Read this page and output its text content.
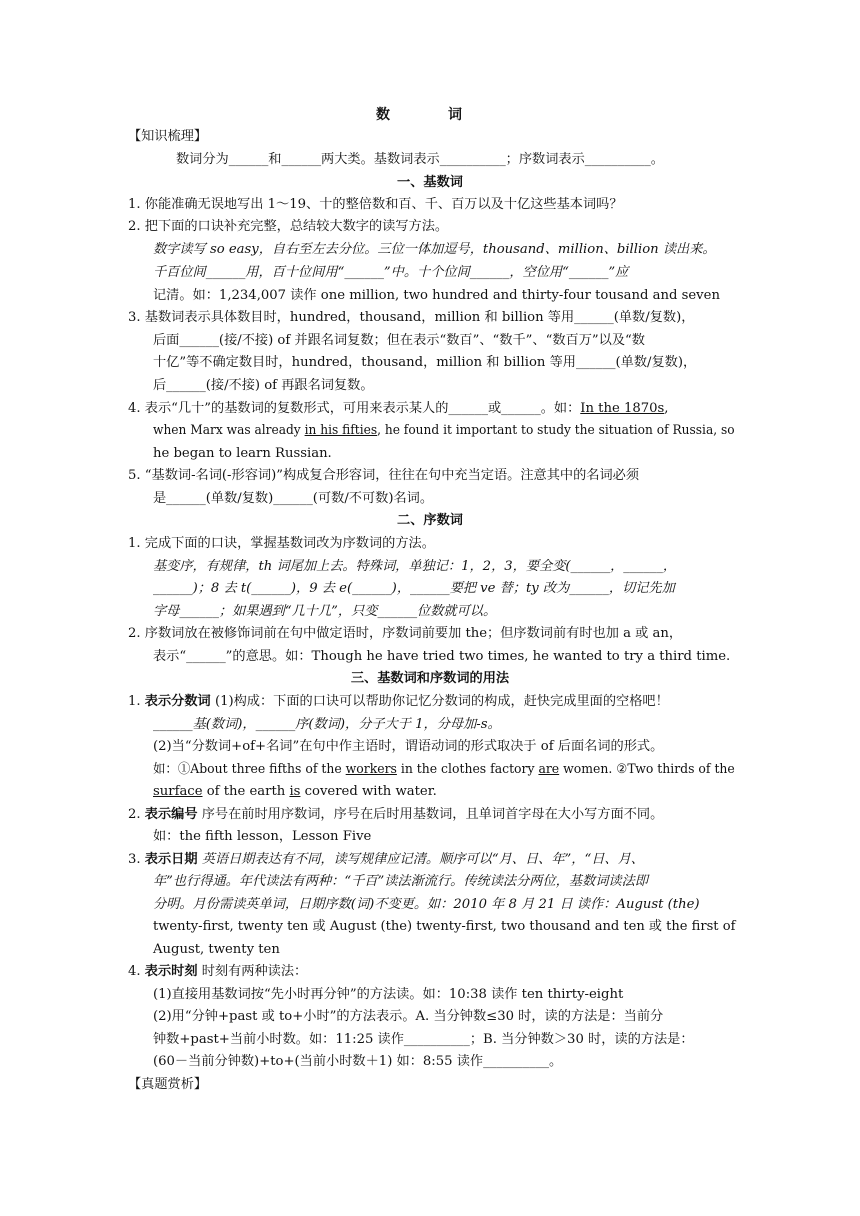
数　词
【知识梳理】
数词分为______和______两大类。基数词表示__________；序数词表示__________。
一、基数词
1. 你能准确无误地写出 1～19、十的整倍数和百、千、百万以及十亿这些基本词吗？
2. 把下面的口诀补充完整，总结较大数字的读写方法。
数字读写 so easy，自右至左去分位。三位一体加逗号，thousand、million、billion 读出来。
千百位间______用，百十位间用“______”中。十个位间______，空位用“______”应
记清。如：1,234,007 读作 one million, two hundred and thirty-four tousand and seven
3. 基数词表示具体数目时，hundred，thousand，million 和 billion 等用______(单数/复数)，
后面______(接/不接) of 并跟名词复数；但在表示“数百”、“数千”、“数百万”以及“数
十亿”等不确定数目时，hundred，thousand，million 和 billion 等用______(单数/复数)，
后______(接/不接) of 再跟名词复数。
4. 表示“几十”的基数词的复数形式，可用来表示某人的______或______。如：In the 1870s,
when Marx was already in his fifties, he found it important to study the situation of Russia, so
he began to learn Russian.
5. “基数词-名词(-形容词)”构成复合形容词，往往在句中充当定语。注意其中的名词必须
是______(单数/复数)______(可数/不可数)名词。
二、序数词
1. 完成下面的口诀，掌握基数词改为序数词的方法。
基变序，有规律，th 词尾加上去。特殊词，单独记：1，2，3，要全变(______，______，
______)；8 去 t(______)，9 去 e(______)，______要把 ve 替；ty 改为______，切记先加
字母______；如果遇到“几十几”，只变______位数就可以。
2. 序数词放在被修饰词前在句中做定语时，序数词前要加 the；但序数词前有时也加 a 或 an，
表示“______”的意思。如：Though he have tried two times, he wanted to try a third time.
三、基数词和序数词的用法
1. 表示分数词 (1)构成：下面的口诀可以帮助你记忆分数词的构成，赶快完成里面的空格吧！
______基(数词)，______序(数词)，分子大于 1，分母加-s。
(2)当“分数词+of+名词”在句中作主语时，谓语动词的形式取决于 of 后面名词的形式。
如：①About three fifths of the workers in the clothes factory are women. ②Two thirds of the
surface of the earth is covered with water.
2. 表示编号 序号在前时用序数词，序号在后时用基数词，且单词首字母在大小写方面不同。
如：the fifth lesson，Lesson Five
3. 表示日期 英语日期表达有不同，读写规律应记清。顺序可以“月、日、年”，“日、月、
年”也行得通。年代读法有两种：“千百”读法渐流行。传统读法分两位，基数词读法即
分明。月份需读英单词，日期序数(词)不变更。如：2010 年 8 月 21 日 读作：August (the)
twenty-first, twenty ten 或 August (the) twenty-first, two thousand and ten 或 the first of
August, twenty ten
4. 表示时刻 时刻有两种读法：
(1)直接用基数词按“先小时再分钟”的方法读。如：10:38 读作 ten thirty-eight
(2)用“分钟+past 或 to+小时”的方法表示。A. 当分钟数≤30 时，读的方法是：当前分
钟数+past+当前小时数。如：11:25 读作__________；B. 当分钟数＞30 时，读的方法是：
(60－当前分钟数)+to+(当前小时数＋1) 如：8:55 读作__________。
【真题赏析】
